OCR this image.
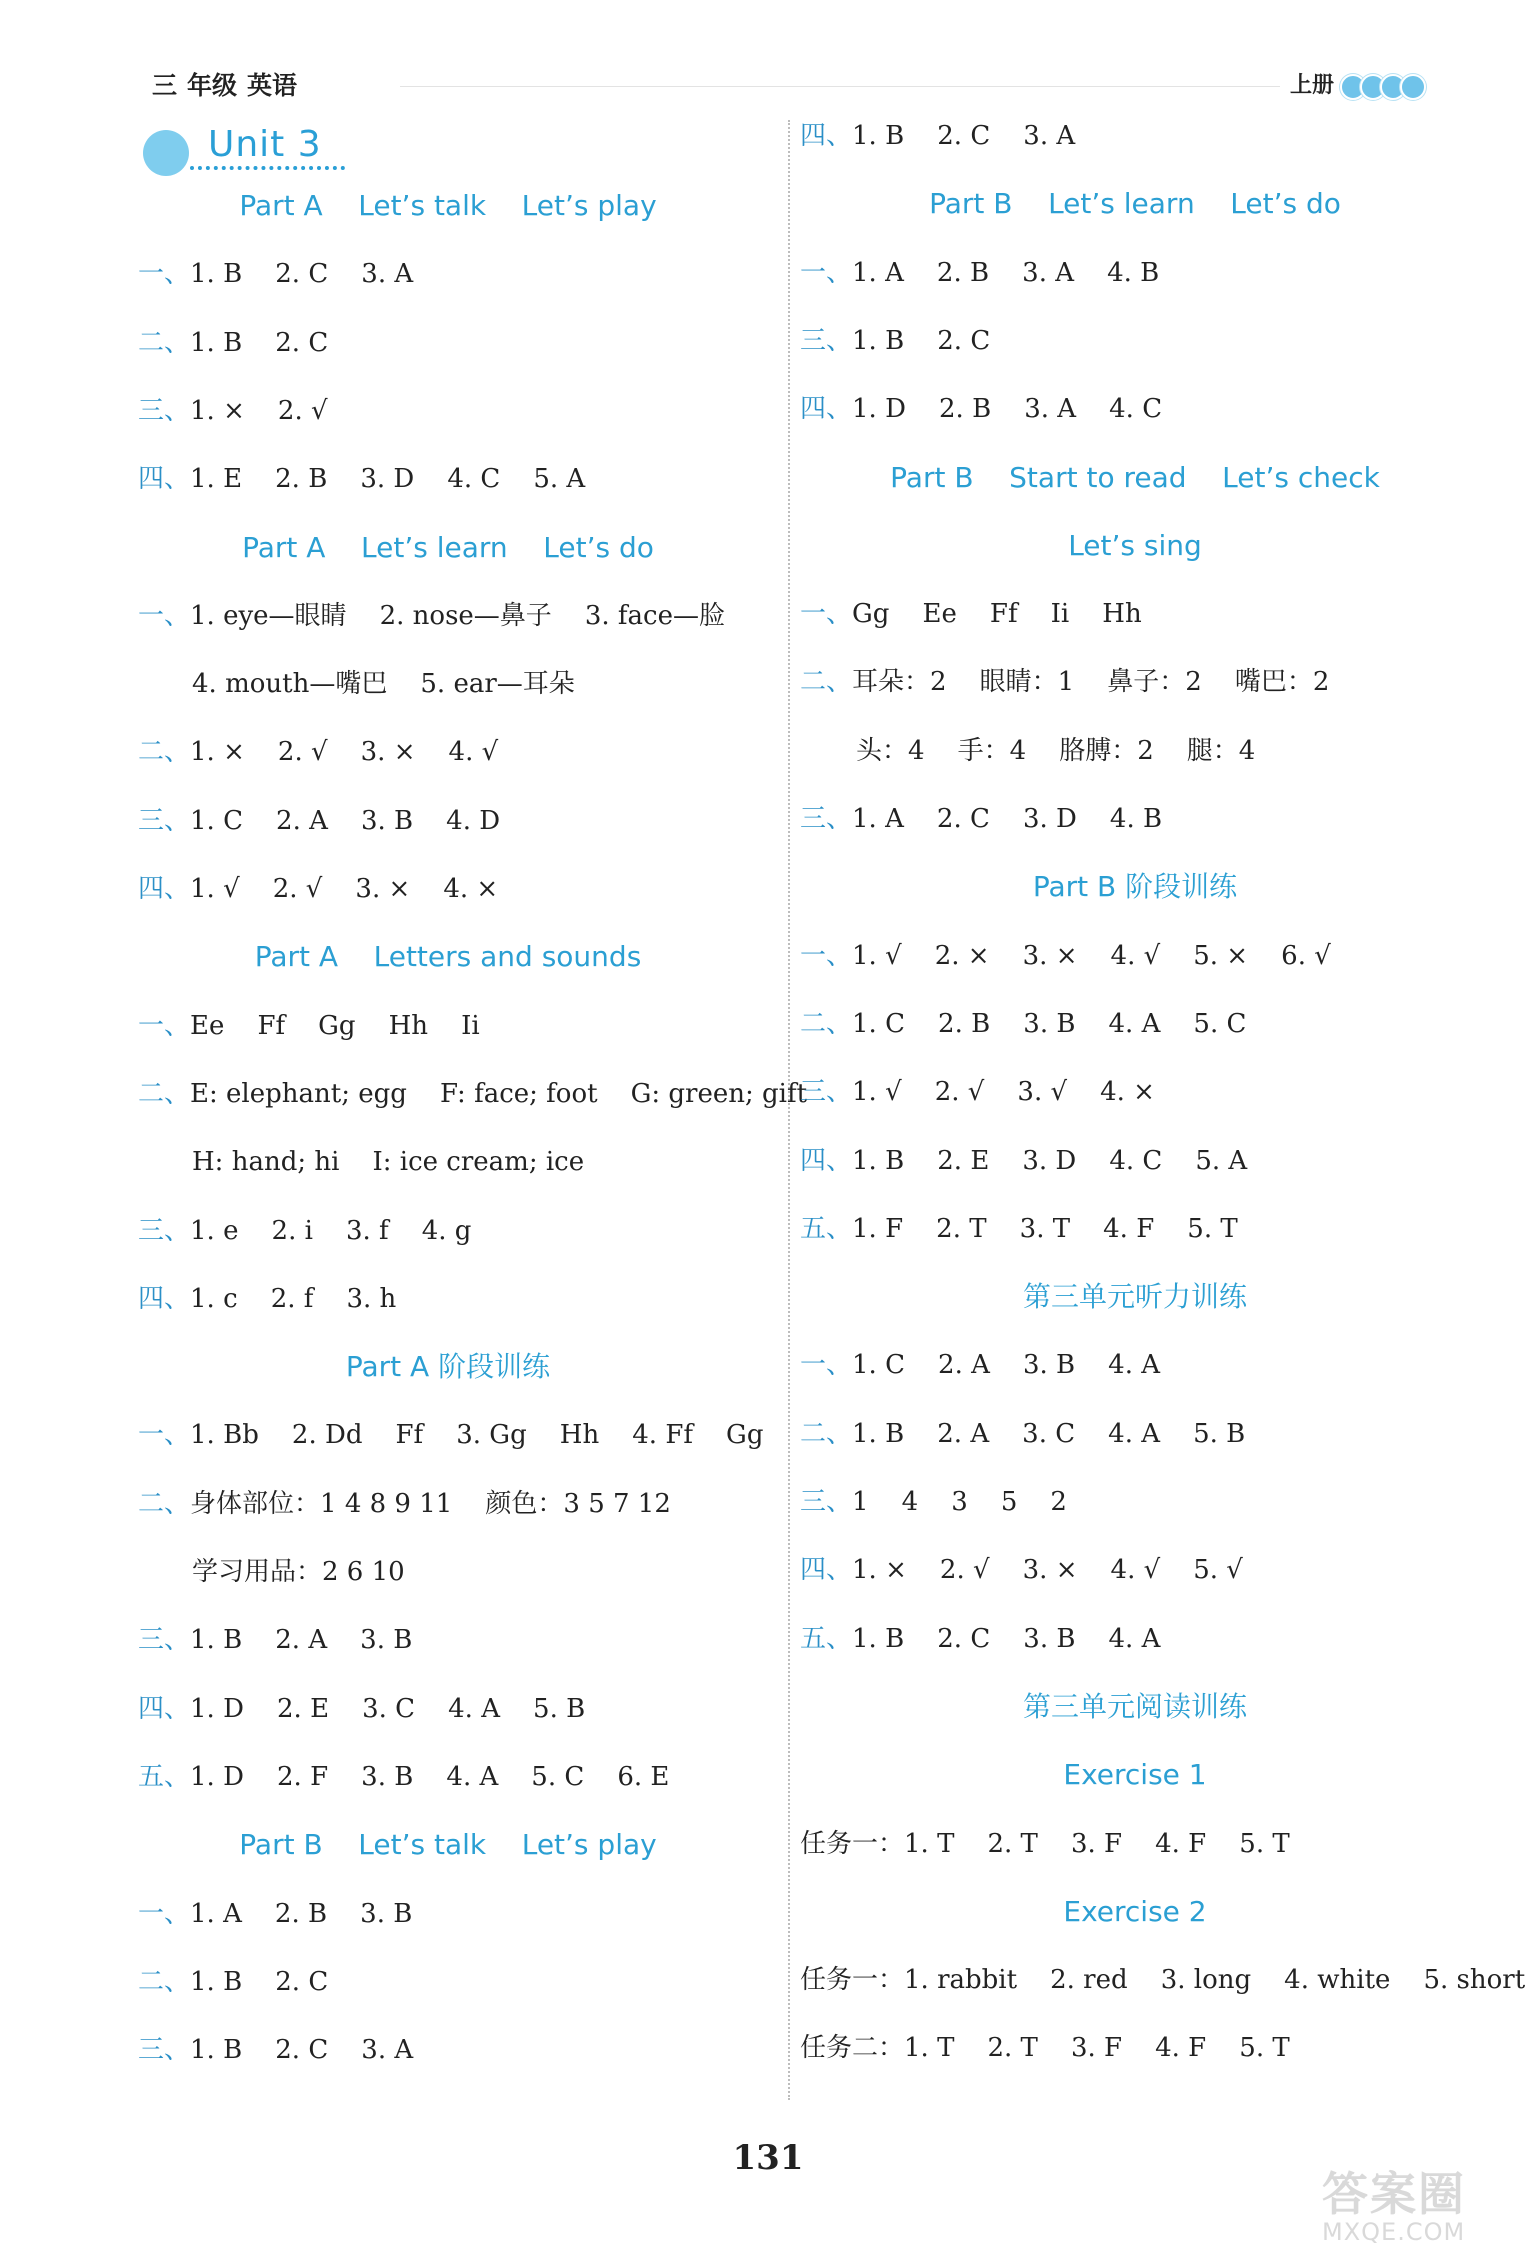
三 年级 英语	上册
Unit 3
Part A    Let’s talk    Let’s play
一、1. B    2. C    3. A
二、1. B    2. C
三、1. ×    2. √
四、1. E    2. B    3. D    4. C    5. A
Part A    Let’s learn    Let’s do
一、1. eye—眼睛    2. nose—鼻子    3. face—脸
4. mouth—嘴巴    5. ear—耳朵
二、1. ×    2. √    3. ×    4. √
三、1. C    2. A    3. B    4. D
四、1. √    2. √    3. ×    4. ×
Part A    Letters and sounds
一、Ee    Ff    Gg    Hh    Ii
二、E: elephant; egg    F: face; foot    G: green; gift
H: hand; hi    I: ice cream; ice
三、1. e    2. i    3. f    4. g
四、1. c    2. f    3. h
Part A 阶段训练
一、1. Bb    2. Dd    Ff    3. Gg    Hh    4. Ff    Gg
二、身体部位：1 4 8 9 11    颜色：3 5 7 12
学习用品：2 6 10
三、1. B    2. A    3. B
四、1. D    2. E    3. C    4. A    5. B
五、1. D    2. F    3. B    4. A    5. C    6. E
Part B    Let’s talk    Let’s play
一、1. A    2. B    3. B
二、1. B    2. C
三、1. B    2. C    3. A
四、1. B    2. C    3. A
Part B    Let’s learn    Let’s do
一、1. A    2. B    3. A    4. B
三、1. B    2. C
四、1. D    2. B    3. A    4. C
Part B    Start to read    Let’s check
Let’s sing
一、Gg    Ee    Ff    Ii    Hh
二、耳朵：2    眼睛：1    鼻子：2    嘴巴：2
头：4    手：4    胳膊：2    腿：4
三、1. A    2. C    3. D    4. B
Part B 阶段训练
一、1. √    2. ×    3. ×    4. √    5. ×    6. √
二、1. C    2. B    3. B    4. A    5. C
三、1. √    2. √    3. √    4. ×
四、1. B    2. E    3. D    4. C    5. A
五、1. F    2. T    3. T    4. F    5. T
第三单元听力训练
一、1. C    2. A    3. B    4. A
二、1. B    2. A    3. C    4. A    5. B
三、1    4    3    5    2
四、1. ×    2. √    3. ×    4. √    5. √
五、1. B    2. C    3. B    4. A
第三单元阅读训练
Exercise 1
任务一：1. T    2. T    3. F    4. F    5. T
Exercise 2
任务一：1. rabbit    2. red    3. long    4. white    5. short
任务二：1. T    2. T    3. F    4. F    5. T
131
答案圈
MXQE.COM
